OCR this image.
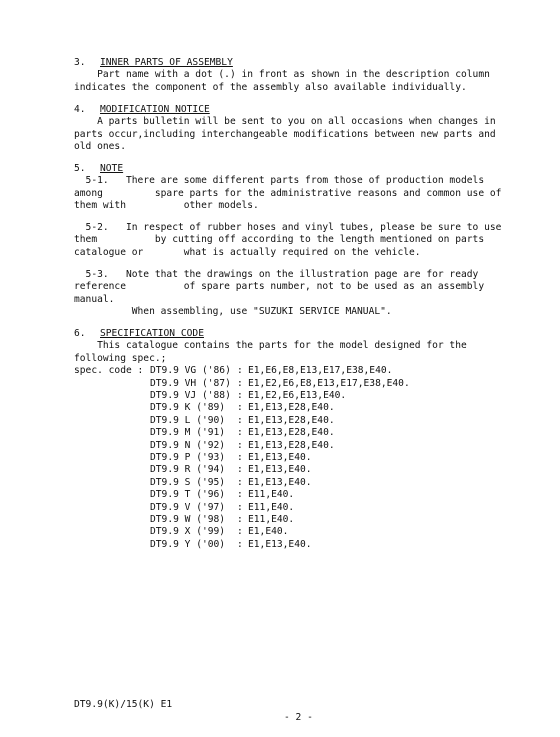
3. INNER PARTS OF ASSEMBLY
Part name with a dot (.) in front as shown in the description column
indicates the component of the assembly also available individually.
4. MODIFICATION NOTICE
A parts bulletin will be sent to you on all occasions when changes in
parts occur,including interchangeable modifications between new parts and
old ones.
5. NOTE
5-1.   There are some different parts from those of production models
among         spare parts for the administrative reasons and common use of
them with          other models.
5-2.   In respect of rubber hoses and vinyl tubes, please be sure to use
them          by cutting off according to the length mentioned on parts
catalogue or       what is actually required on the vehicle.
5-3.   Note that the drawings on the illustration page are for ready
reference          of spare parts number, not to be used as an assembly
manual.
When assembling, use "SUZUKI SERVICE MANUAL".
6. SPECIFICATION CODE
This catalogue contains the parts for the model designed for the
following spec.;
spec. code : DT9.9 VG ('86) : E1,E6,E8,E13,E17,E38,E40.
DT9.9 VH ('87) : E1,E2,E6,E8,E13,E17,E38,E40.
DT9.9 VJ ('88) : E1,E2,E6,E13,E40.
DT9.9 K ('89) : E1,E13,E28,E40.
DT9.9 L ('90) : E1,E13,E28,E40.
DT9.9 M ('91) : E1,E13,E28,E40.
DT9.9 N ('92) : E1,E13,E28,E40.
DT9.9 P ('93) : E1,E13,E40.
DT9.9 R ('94) : E1,E13,E40.
DT9.9 S ('95) : E1,E13,E40.
DT9.9 T ('96) : E11,E40.
DT9.9 V ('97) : E11,E40.
DT9.9 W ('98) : E11,E40.
DT9.9 X ('99) : E1,E40.
DT9.9 Y ('00) : E1,E13,E40.

DT9.9(K)/15(K) E1

- 2 -
